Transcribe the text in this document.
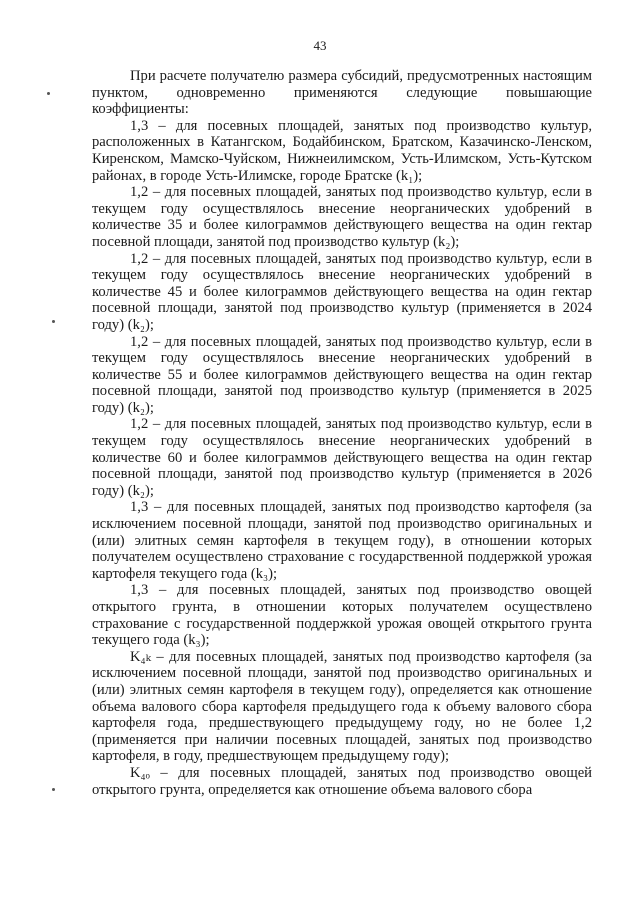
43

При расчете получателю размера субсидий, предусмотренных настоящим пунктом, одновременно применяются следующие повышающие коэффициенты:

1,3 – для посевных площадей, занятых под производство культур, расположенных в Катангском, Бодайбинском, Братском, Казачинско-Ленском, Киренском, Мамско-Чуйском, Нижнеилимском, Усть-Илимском, Усть-Кутском районах, в городе Усть-Илимске, городе Братске (k₁);

1,2 – для посевных площадей, занятых под производство культур, если в текущем году осуществлялось внесение неорганических удобрений в количестве 35 и более килограммов действующего вещества на один гектар посевной площади, занятой под производство культур (k₂);

1,2 – для посевных площадей, занятых под производство культур, если в текущем году осуществлялось внесение неорганических удобрений в количестве 45 и более килограммов действующего вещества на один гектар посевной площади, занятой под производство культур (применяется в 2024 году) (k₂);

1,2 – для посевных площадей, занятых под производство культур, если в текущем году осуществлялось внесение неорганических удобрений в количестве 55 и более килограммов действующего вещества на один гектар посевной площади, занятой под производство культур (применяется в 2025 году) (k₂);

1,2 – для посевных площадей, занятых под производство культур, если в текущем году осуществлялось внесение неорганических удобрений в количестве 60 и более килограммов действующего вещества на один гектар посевной площади, занятой под производство культур (применяется в 2026 году) (k₂);

1,3 – для посевных площадей, занятых под производство картофеля (за исключением посевной площади, занятой под производство оригинальных и (или) элитных семян картофеля в текущем году), в отношении которых получателем осуществлено страхование с государственной поддержкой урожая картофеля текущего года (k₃);

1,3 – для посевных площадей, занятых под производство овощей открытого грунта, в отношении которых получателем осуществлено страхование с государственной поддержкой урожая овощей открытого грунта текущего года (k₃);

K₄ₖ – для посевных площадей, занятых под производство картофеля (за исключением посевной площади, занятой под производство оригинальных и (или) элитных семян картофеля в текущем году), определяется как отношение объема валового сбора картофеля предыдущего года к объему валового сбора картофеля года, предшествующего предыдущему году, но не более 1,2 (применяется при наличии посевных площадей, занятых под производство картофеля, в году, предшествующем предыдущему году);

K₄ₒ – для посевных площадей, занятых под производство овощей открытого грунта, определяется как отношение объема валового сбора
